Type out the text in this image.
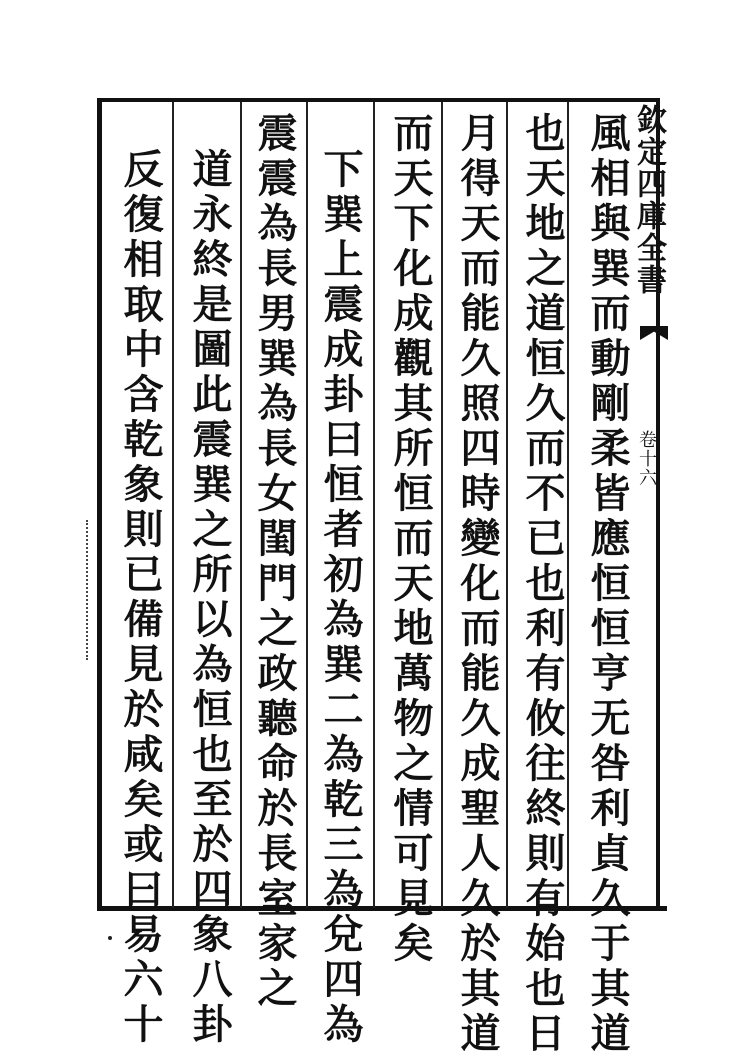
欽定四庫全書
卷十六
風相與巽而動剛柔皆應恒恒亨无咎利貞久于其道
也天地之道恒久而不已也利有攸往終則有始也日
月得天而能久照四時變化而能久成聖人久於其道
而天下化成觀其所恒而天地萬物之情可見矣
下巽上震成卦曰恒者初為巽二為乾三為兌四為
震震為長男巽為長女閨門之政聽命於長室家之
道永終是圖此震巽之所以為恒也至於四象八卦
反復相取中含乾象則已備見於咸矣或曰易六十
